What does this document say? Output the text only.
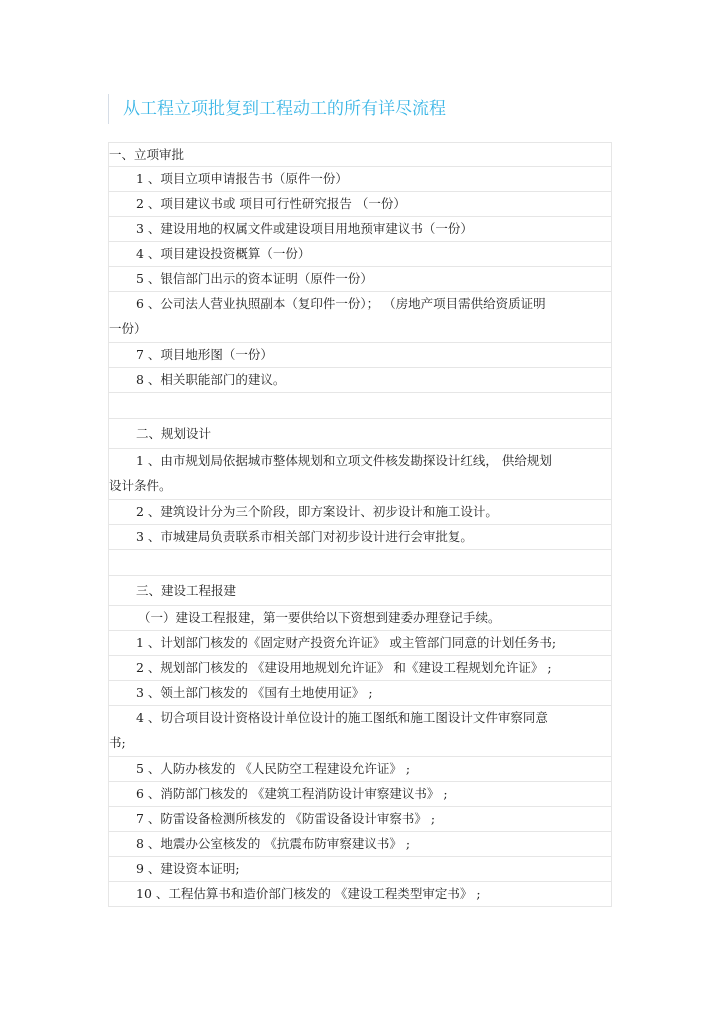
从工程立项批复到工程动工的所有详尽流程
一、立项审批
1 、项目立项申请报告书（原件一份）
2 、项目建议书或 项目可行性研究报告 （一份）
3 、建设用地的权属文件或建设项目用地预审建议书（一份）
4 、项目建设投资概算（一份）
5 、银信部门出示的资本证明（原件一份）
6 、公司法人营业执照副本（复印件一份）； （房地产项目需供给资质证明
一份）
7 、项目地形图（一份）
8 、相关职能部门的建议。
二、规划设计
1 、由市规划局依据城市整体规划和立项文件核发勘探设计红线， 供给规划
设计条件。
2 、建筑设计分为三个阶段，即方案设计、初步设计和施工设计。
3 、市城建局负责联系市相关部门对初步设计进行会审批复。
三、建设工程报建
（一）建设工程报建，第一要供给以下资想到建委办理登记手续。
1 、计划部门核发的《固定财产投资允许证》 或主管部门同意的计划任务书;
2 、规划部门核发的 《建设用地规划允许证》 和《建设工程规划允许证》 ;
3 、领土部门核发的 《国有土地使用证》 ;
4 、切合项目设计资格设计单位设计的施工图纸和施工图设计文件审察同意
书;
5 、人防办核发的 《人民防空工程建设允许证》 ;
6 、消防部门核发的 《建筑工程消防设计审察建议书》 ;
7 、防雷设备检测所核发的 《防雷设备设计审察书》 ;
8 、地震办公室核发的 《抗震布防审察建议书》 ;
9 、建设资本证明;
10 、工程估算书和造价部门核发的 《建设工程类型审定书》 ;
